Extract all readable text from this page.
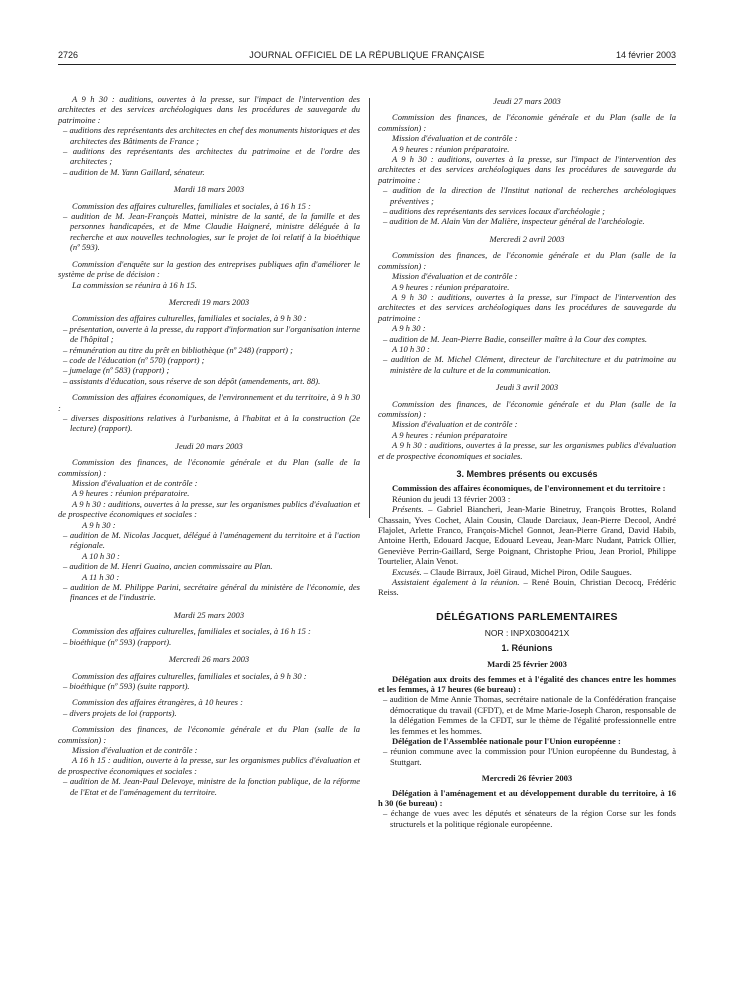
2726	JOURNAL OFFICIEL DE LA RÉPUBLIQUE FRANÇAISE	14 février 2003

A 9 h 30 : auditions, ouvertes à la presse, sur l'impact de l'intervention des architectes et des services archéologiques dans les procédures de sauvegarde du patrimoine :

– auditions des représentants des architectes en chef des monuments historiques et des architectes des Bâtiments de France ;

– auditions des représentants des architectes du patrimoine et de l'ordre des architectes ;

– audition de M. Yann Gaillard, sénateur.

Mardi 18 mars 2003

Commission des affaires culturelles, familiales et sociales, à 16 h 15 :

– audition de M. Jean-François Mattei, ministre de la santé, de la famille et des personnes handicapées, et de Mme Claudie Haigneré, ministre déléguée à la recherche et aux nouvelles technologies, sur le projet de loi relatif à la bioéthique (nº 593).

Commission d'enquête sur la gestion des entreprises publiques afin d'améliorer le système de prise de décision :

La commission se réunira à 16 h 15.

Mercredi 19 mars 2003

Commission des affaires culturelles, familiales et sociales, à 9 h 30 :

– présentation, ouverte à la presse, du rapport d'information sur l'organisation interne de l'hôpital ;

– rémunération au titre du prêt en bibliothèque (nº 248) (rapport) ;

– code de l'éducation (nº 570) (rapport) ;

– jumelage (nº 583) (rapport) ;

– assistants d'éducation, sous réserve de son dépôt (amendements, art. 88).

Commission des affaires économiques, de l'environnement et du territoire, à 9 h 30 :

– diverses dispositions relatives à l'urbanisme, à l'habitat et à la construction (2e lecture) (rapport).

Jeudi 20 mars 2003

Commission des finances, de l'économie générale et du Plan (salle de la commission) :

Mission d'évaluation et de contrôle :

A 9 heures : réunion préparatoire.

A 9 h 30 : auditions, ouvertes à la presse, sur les organismes publics d'évaluation et de prospective économiques et sociales :

A 9 h 30 :

– audition de M. Nicolas Jacquet, délégué à l'aménagement du territoire et à l'action régionale.

A 10 h 30 :

– audition de M. Henri Guaino, ancien commissaire au Plan.

A 11 h 30 :

– audition de M. Philippe Parini, secrétaire général du ministère de l'économie, des finances et de l'industrie.

Mardi 25 mars 2003

Commission des affaires culturelles, familiales et sociales, à 16 h 15 :

– bioéthique (nº 593) (rapport).

Mercredi 26 mars 2003

Commission des affaires culturelles, familiales et sociales, à 9 h 30 :

– bioéthique (nº 593) (suite rapport).

Commission des affaires étrangères, à 10 heures :

– divers projets de loi (rapports).

Commission des finances, de l'économie générale et du Plan (salle de la commission) :

Mission d'évaluation et de contrôle :

A 16 h 15 : audition, ouverte à la presse, sur les organismes publics d'évaluation et de prospective économiques et sociales :

– audition de M. Jean-Paul Delevoye, ministre de la fonction publique, de la réforme de l'Etat et de l'aménagement du territoire.

Jeudi 27 mars 2003

Commission des finances, de l'économie générale et du Plan (salle de la commission) :

Mission d'évaluation et de contrôle :

A 9 heures : réunion préparatoire.

A 9 h 30 : auditions, ouvertes à la presse, sur l'impact de l'intervention des architectes et des services archéologiques dans les procédures de sauvegarde du patrimoine :

– audition de la direction de l'Institut national de recherches archéologiques préventives ;

– auditions des représentants des services locaux d'archéologie ;

– audition de M. Alain Van der Malière, inspecteur général de l'archéologie.

Mercredi 2 avril 2003

Commission des finances, de l'économie générale et du Plan (salle de la commission) :

Mission d'évaluation et de contrôle :

A 9 heures : réunion préparatoire.

A 9 h 30 : auditions, ouvertes à la presse, sur l'impact de l'intervention des architectes et des services archéologiques dans les procédures de sauvegarde du patrimoine :

A 9 h 30 :

– audition de M. Jean-Pierre Badie, conseiller maître à la Cour des comptes.

A 10 h 30 :

– audition de M. Michel Clément, directeur de l'architecture et du patrimoine au ministère de la culture et de la communication.

Jeudi 3 avril 2003

Commission des finances, de l'économie générale et du Plan (salle de la commission) :

Mission d'évaluation et de contrôle :

A 9 heures : réunion préparatoire

A 9 h 30 : auditions, ouvertes à la presse, sur les organismes publics d'évaluation et de prospective économiques et sociales.

3. Membres présents ou excusés

Commission des affaires économiques, de l'environnement et du territoire :

Réunion du jeudi 13 février 2003 :

Présents. – Gabriel Biancheri, Jean-Marie Binetruy, François Brottes, Roland Chassain, Yves Cochet, Alain Cousin, Claude Darciaux, Jean-Pierre Decool, André Flajolet, Arlette Franco, François-Michel Gonnot, Jean-Pierre Grand, David Habib, Antoine Herth, Edouard Jacque, Edouard Leveau, Jean-Marc Nudant, Patrick Ollier, Geneviève Perrin-Gaillard, Serge Poignant, Christophe Priou, Jean Proriol, Philippe Tourtelier, Alain Venot.

Excusés. – Claude Birraux, Joël Giraud, Michel Piron, Odile Saugues.

Assistaient également à la réunion. – René Bouin, Christian Decocq, Frédéric Reiss.

DÉLÉGATIONS PARLEMENTAIRES

NOR : INPX0300421X

1. Réunions

Mardi 25 février 2003

Délégation aux droits des femmes et à l'égalité des chances entre les hommes et les femmes, à 17 heures (6e bureau) :

– audition de Mme Annie Thomas, secrétaire nationale de la Confédération française démocratique du travail (CFDT), et de Mme Marie-Joseph Charon, responsable de la délégation Femmes de la CFDT, sur le thème de l'égalité professionnelle entre les femmes et les hommes.

Délégation de l'Assemblée nationale pour l'Union européenne :

– réunion commune avec la commission pour l'Union européenne du Bundestag, à Stuttgart.

Mercredi 26 février 2003

Délégation à l'aménagement et au développement durable du territoire, à 16 h 30 (6e bureau) :

– échange de vues avec les députés et sénateurs de la région Corse sur les fonds structurels et la politique régionale européenne.
